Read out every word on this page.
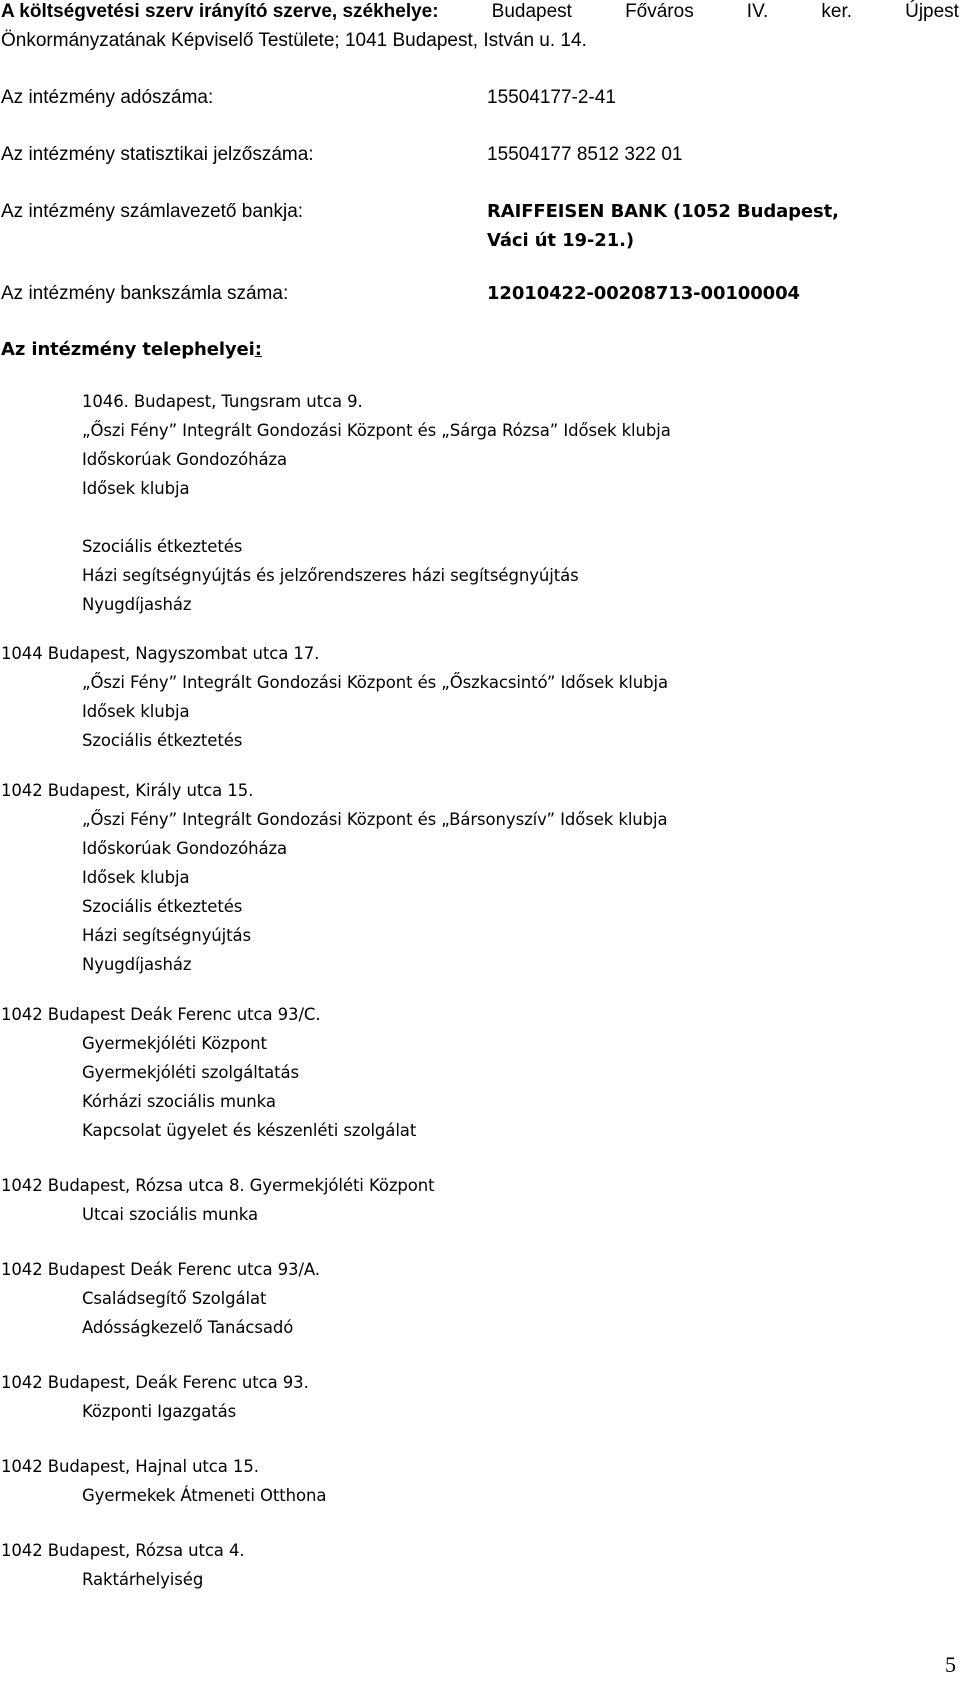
A költségvetési szerv irányító szerve, székhelye:	Budapest	Főváros	IV.	ker.	Újpest
Önkormányzatának Képviselő Testülete; 1041 Budapest, István u. 14.
Az intézmény adószáma:	15504177-2-41
Az intézmény statisztikai jelzőszáma:	15504177 8512 322 01
Az intézmény számlavezető bankja:	RAIFFEISEN BANK (1052 Budapest,
Váci út 19-21.)
Az intézmény bankszámla száma:	12010422-00208713-00100004
Az intézmény telephelyei:
1046. Budapest, Tungsram utca 9.
„Őszi Fény” Integrált Gondozási Központ és „Sárga Rózsa” Idősek klubja
Időskorúak Gondozóháza
Idősek klubja
Szociális étkeztetés
Házi segítségnyújtás és jelzőrendszeres házi segítségnyújtás
Nyugdíjasház
1044 Budapest, Nagyszombat utca 17.
„Őszi Fény” Integrált Gondozási Központ és „Őszkacsintó” Idősek klubja
Idősek klubja
Szociális étkeztetés
1042 Budapest, Király utca 15.
„Őszi Fény” Integrált Gondozási Központ és „Bársonyszív” Idősek klubja
Időskorúak Gondozóháza
Idősek klubja
Szociális étkeztetés
Házi segítségnyújtás
Nyugdíjasház
1042 Budapest Deák Ferenc utca 93/C.
Gyermekjóléti Központ
Gyermekjóléti szolgáltatás
Kórházi szociális munka
Kapcsolat ügyelet és készenléti szolgálat
1042 Budapest, Rózsa utca 8. Gyermekjóléti Központ
Utcai szociális munka
1042 Budapest Deák Ferenc utca 93/A.
Családsegítő Szolgálat
Adósságkezelő Tanácsadó
1042 Budapest, Deák Ferenc utca 93.
Központi Igazgatás
1042 Budapest, Hajnal utca 15.
Gyermekek Átmeneti Otthona
1042 Budapest, Rózsa utca 4.
Raktárhelyiség
5
